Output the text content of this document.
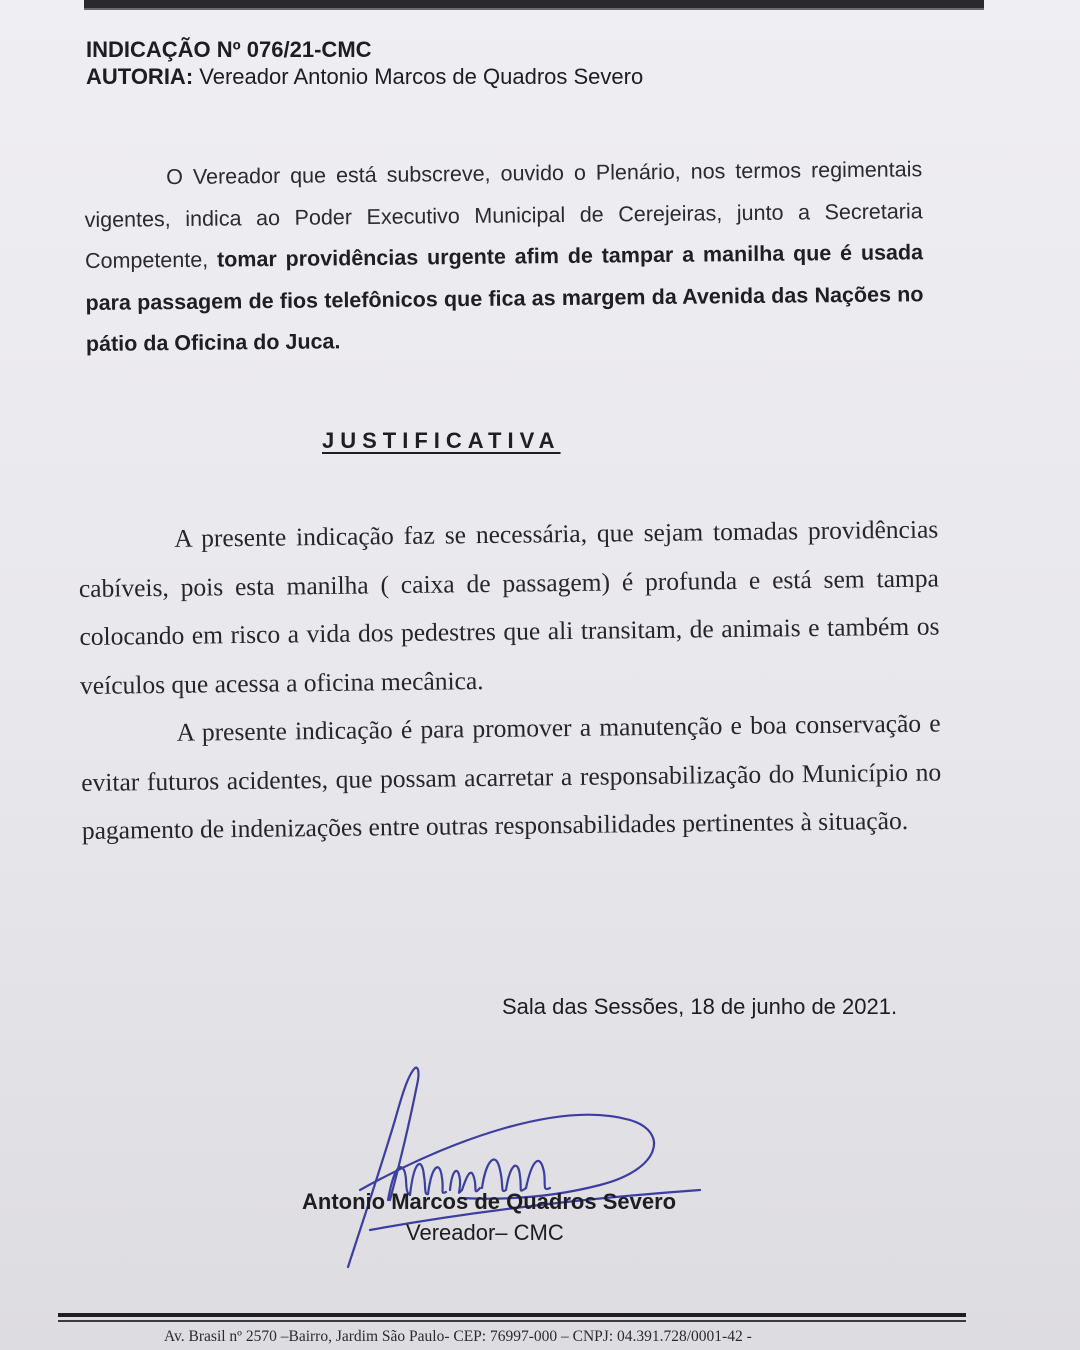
INDICAÇÃO Nº 076/21-CMC
AUTORIA: Vereador Antonio Marcos de Quadros Severo
O Vereador que está subscreve, ouvido o Plenário, nos termos regimentais vigentes, indica ao Poder Executivo Municipal de Cerejeiras, junto a Secretaria Competente, tomar providências urgente afim de tampar a manilha que é usada para passagem de fios telefônicos que fica as margem da Avenida das Nações no pátio da Oficina do Juca.
JUSTIFICATIVA

A presente indicação faz se necessária, que sejam tomadas providências cabíveis, pois esta manilha ( caixa de passagem) é profunda e está sem tampa colocando em risco a vida dos pedestres que ali transitam, de animais e também os veículos que acessa a oficina mecânica.

A presente indicação é para promover a manutenção e boa conservação e evitar futuros acidentes, que possam acarretar a responsabilização do Município no pagamento de indenizações entre outras responsabilidades pertinentes à situação.

Sala das Sessões, 18 de junho de 2021.
Antonio Marcos de Quadros Severo
Vereador– CMC
Av. Brasil nº 2570 –Bairro, Jardim São Paulo- CEP: 76997-000 – CNPJ: 04.391.728/0001-42 -
